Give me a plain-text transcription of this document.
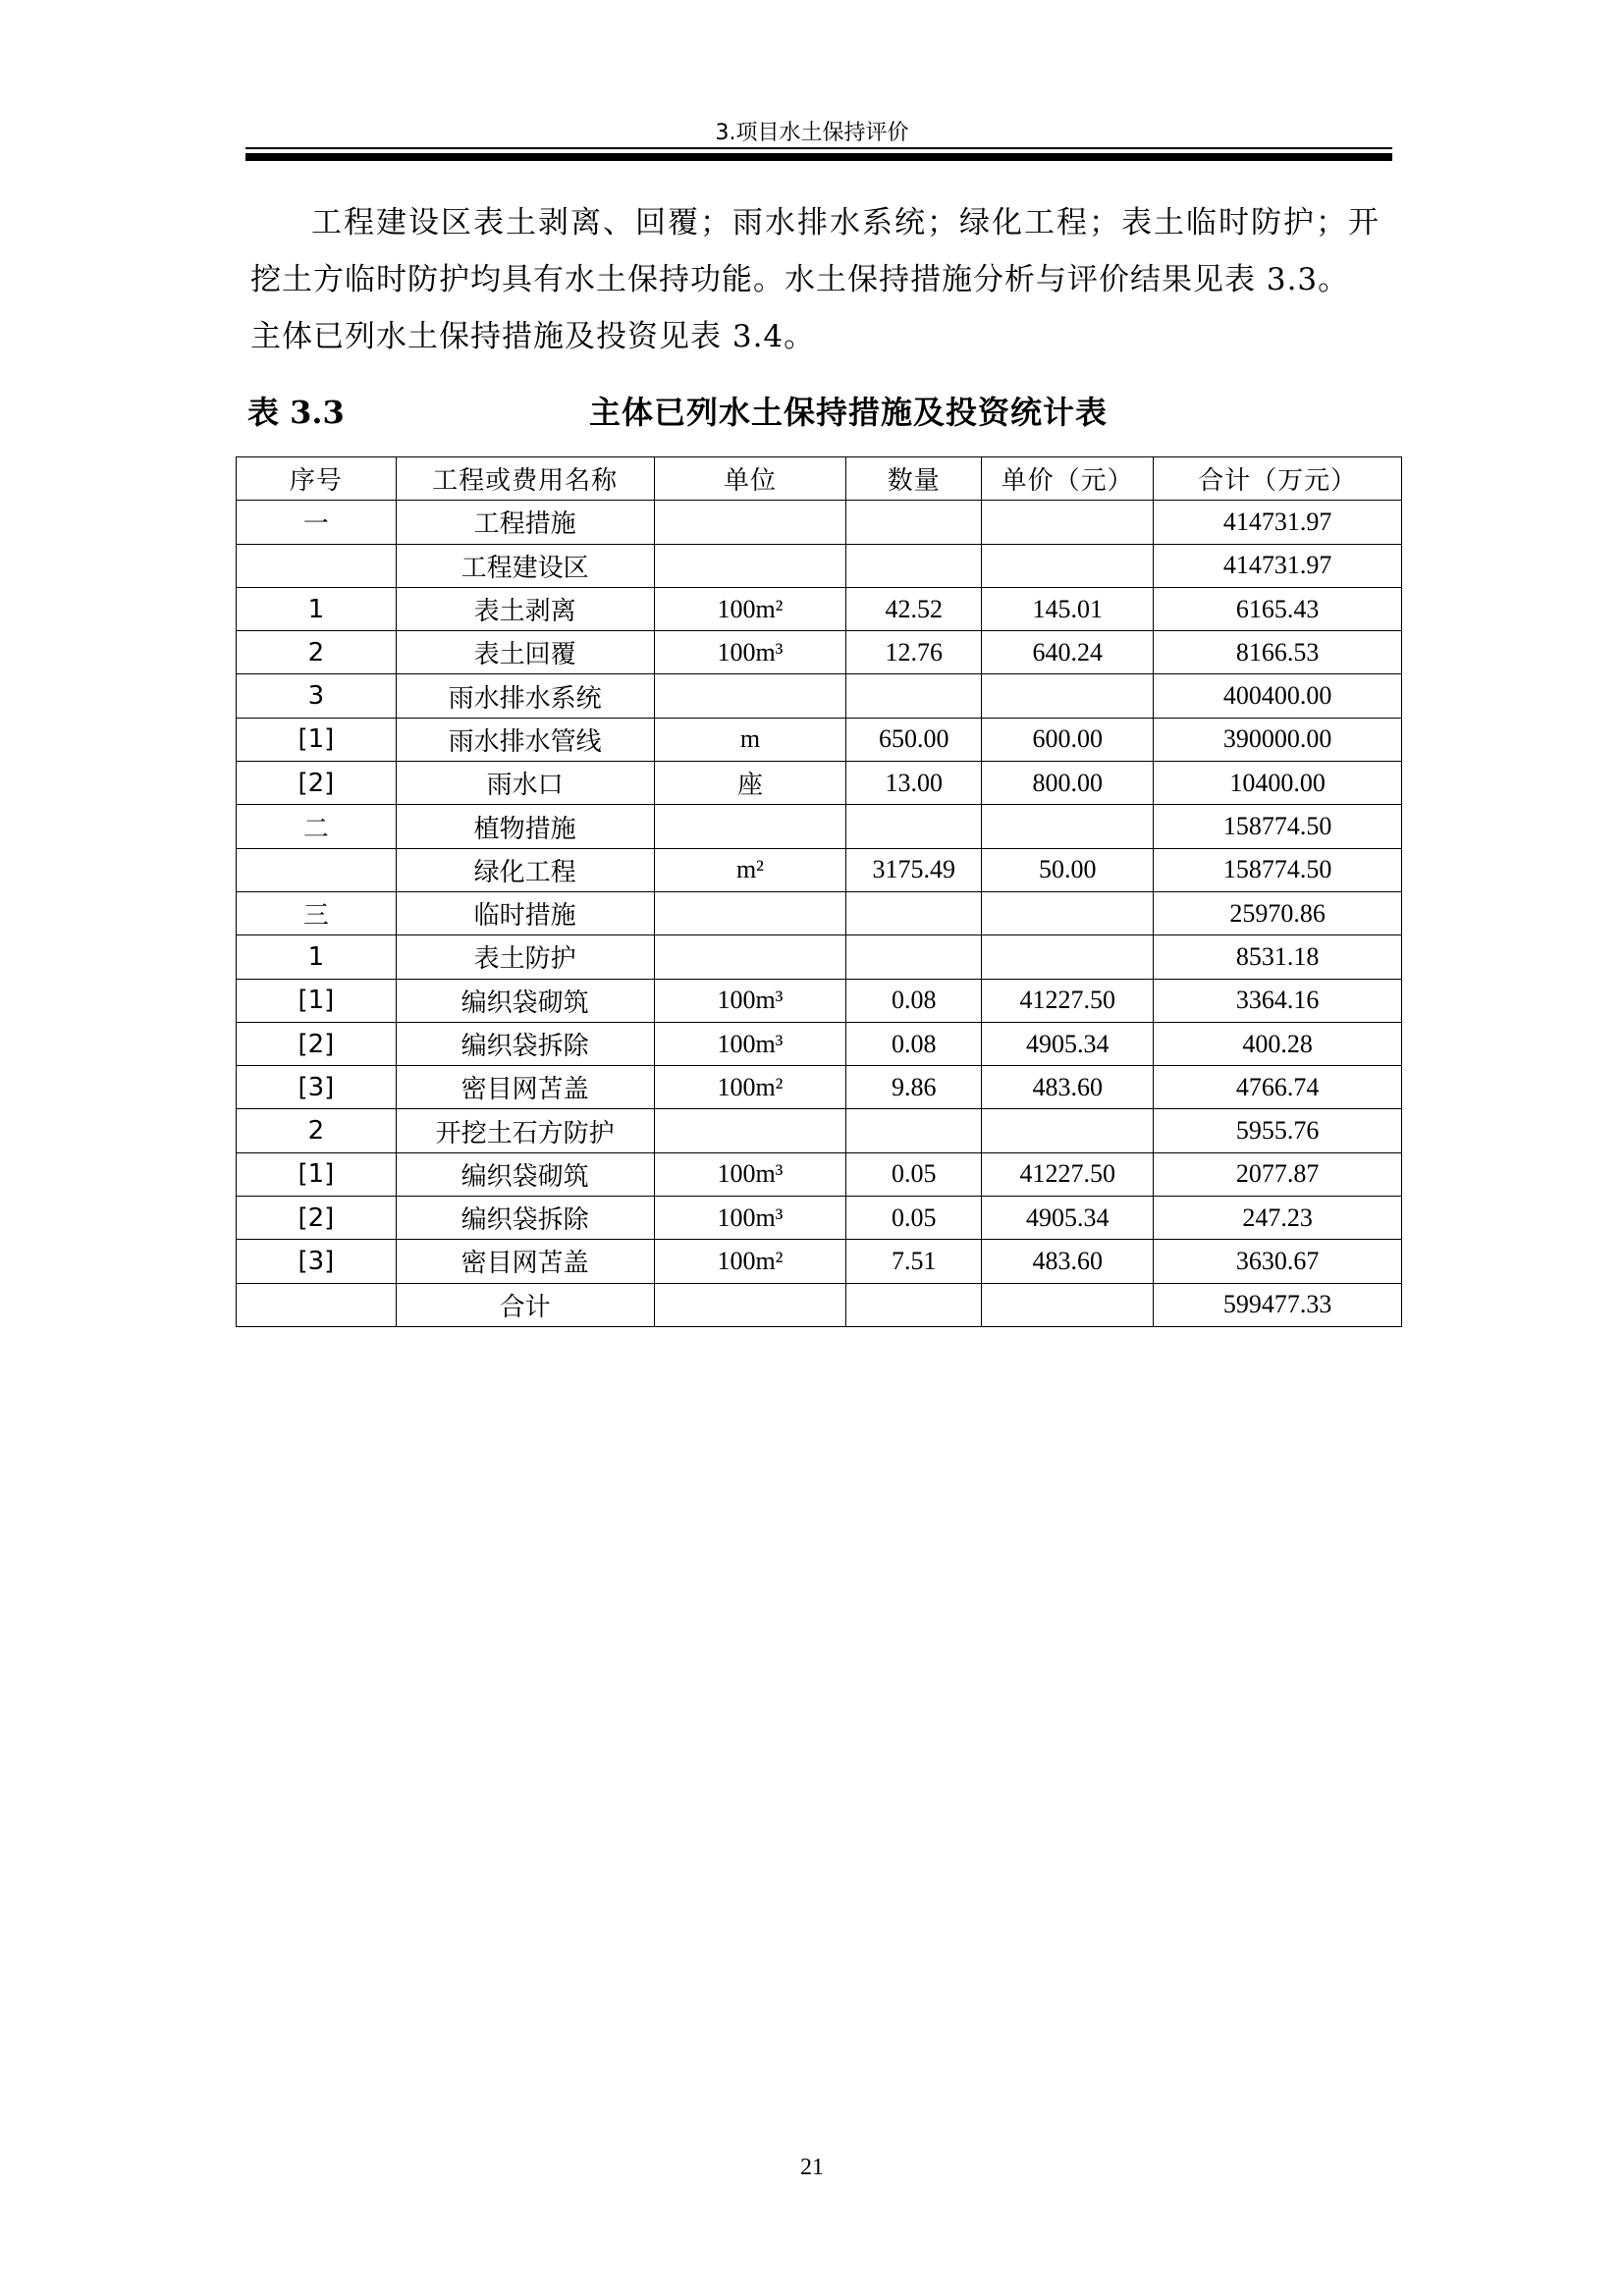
3.项目水土保持评价
工程建设区表土剥离、回覆；雨水排水系统；绿化工程；表土临时防护；开
挖土方临时防护均具有水土保持功能。水土保持措施分析与评价结果见表 3.3。
主体已列水土保持措施及投资见表 3.4。
表 3.3	主体已列水土保持措施及投资统计表
序号	工程或费用名称	单位	数量	单价（元）	合计（万元）
一	工程措施				414731.97
	工程建设区				414731.97
1	表土剥离	100m²	42.52	145.01	6165.43
2	表土回覆	100m³	12.76	640.24	8166.53
3	雨水排水系统				400400.00
[1]	雨水排水管线	m	650.00	600.00	390000.00
[2]	雨水口	座	13.00	800.00	10400.00
二	植物措施				158774.50
	绿化工程	m²	3175.49	50.00	158774.50
三	临时措施				25970.86
1	表土防护				8531.18
[1]	编织袋砌筑	100m³	0.08	41227.50	3364.16
[2]	编织袋拆除	100m³	0.08	4905.34	400.28
[3]	密目网苫盖	100m²	9.86	483.60	4766.74
2	开挖土石方防护				5955.76
[1]	编织袋砌筑	100m³	0.05	41227.50	2077.87
[2]	编织袋拆除	100m³	0.05	4905.34	247.23
[3]	密目网苫盖	100m²	7.51	483.60	3630.67
	合计				599477.33
21
